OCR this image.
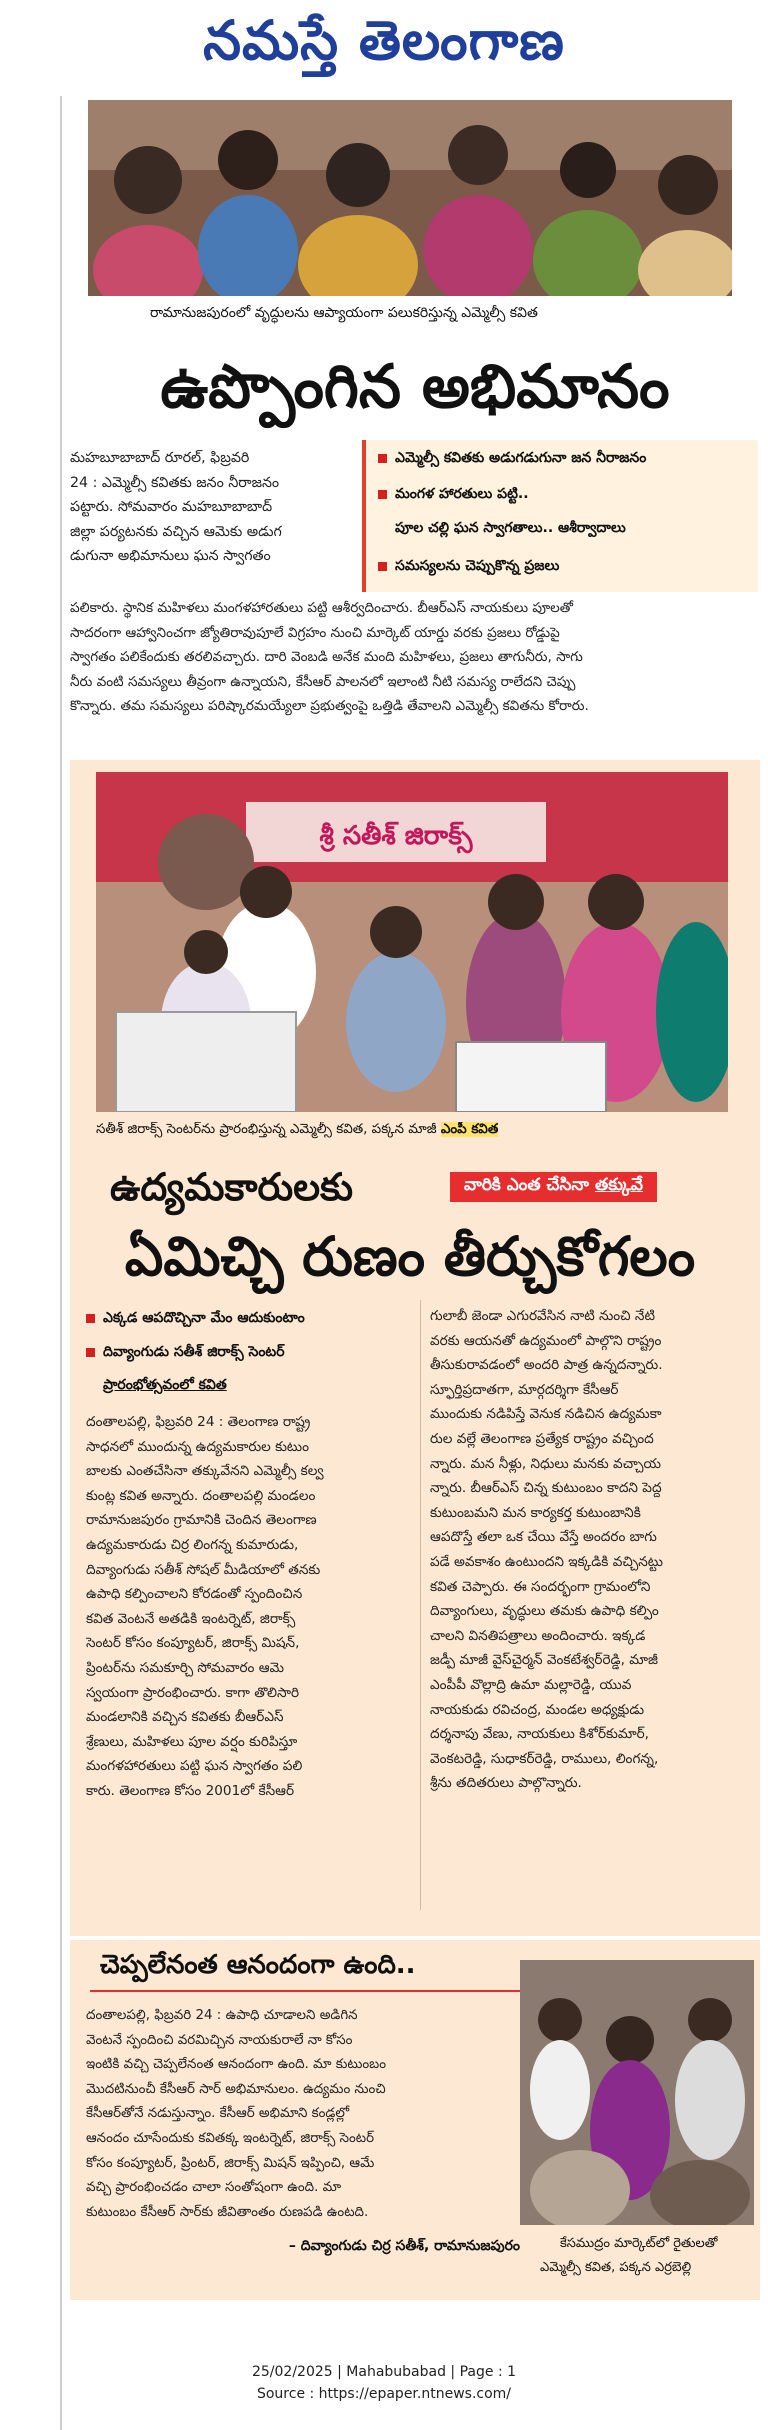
నమస్తే తెలంగాణ
రామానుజపురంలో వృద్ధులను ఆప్యాయంగా పలుకరిస్తున్న ఎమ్మెల్సీ కవిత
ఉప్పొంగిన అభిమానం
ఎమ్మెల్సీ కవితకు అడుగడుగునా జన నీరాజనం
మంగళ హారతులు పట్టి..
పూల చల్లి ఘన స్వాగతాలు.. ఆశీర్వాదాలు
సమస్యలను చెప్పుకొన్న ప్రజలు

మహబూబాబాద్ రూరల్, ఫిబ్రవరి

24 : ఎమ్మెల్సీ కవితకు జనం నీరాజనం

పట్టారు. సోమవారం మహబూబాబాద్

జిల్లా పర్యటనకు వచ్చిన ఆమెకు అడుగ

డుగునా అభిమానులు ఘన స్వాగతం

పలికారు. స్థానిక మహిళలు మంగళహారతులు పట్టి ఆశీర్వదించారు. బీఆర్ఎస్ నాయకులు పూలతో

సాదరంగా ఆహ్వానించగా జ్యోతిరావుపూలే విగ్రహం నుంచి మార్కెట్ యార్డు వరకు ప్రజలు రోడ్డుపై

స్వాగతం పలికేందుకు తరలివచ్చారు. దారి వెంబడి అనేక మంది మహిళలు, ప్రజలు తాగునీరు, సాగు

నీరు వంటి సమస్యలు తీవ్రంగా ఉన్నాయని, కేసీఆర్ పాలనలో ఇలాంటి నీటి సమస్య రాలేదని చెప్పు

కొన్నారు. తమ సమస్యలు పరిష్కారమయ్యేలా ప్రభుత్వంపై ఒత్తిడి తేవాలని ఎమ్మెల్సీ కవితను కోరారు.

శ్రీ సతీశ్ జిరాక్స్
సతీశ్ జిరాక్స్ సెంటర్‌ను ప్రారంభిస్తున్న ఎమ్మెల్సీ కవిత, పక్కన మాజీ ఎంపీ కవిత
ఉద్యమకారులకు	వారికి ఎంత చేసినా తక్కువే
ఏమిచ్చి రుణం తీర్చుకోగలం
ఎక్కడ ఆపదొచ్చినా మేం ఆదుకుంటాం
దివ్యాంగుడు సతీశ్ జిరాక్స్ సెంటర్
ప్రారంభోత్సవంలో కవిత

దంతాలపల్లి, ఫిబ్రవరి 24 : తెలంగాణ రాష్ట్ర

సాధనలో ముందున్న ఉద్యమకారుల కుటుం

బాలకు ఎంతచేసినా తక్కువేనని ఎమ్మెల్సీ కల్వ

కుంట్ల కవిత అన్నారు. దంతాలపల్లి మండలం

రామానుజపురం గ్రామానికి చెందిన తెలంగాణ

ఉద్యమకారుడు చిర్ర లింగన్న కుమారుడు,

దివ్యాంగుడు సతీశ్ సోషల్ మీడియాలో తనకు

ఉపాధి కల్పించాలని కోరడంతో స్పందించిన

కవిత వెంటనే అతడికి ఇంటర్నెట్, జిరాక్స్

సెంటర్ కోసం కంప్యూటర్, జిరాక్స్ మిషన్,

ప్రింటర్‌ను సమకూర్చి సోమవారం ఆమె

స్వయంగా ప్రారంభించారు. కాగా తొలిసారి

మండలానికి వచ్చిన కవితకు బీఆర్ఎస్

శ్రేణులు, మహిళలు పూల వర్షం కురిపిస్తూ

మంగళహారతులు పట్టి ఘన స్వాగతం పలి

కారు. తెలంగాణ కోసం 2001లో కేసీఆర్

గులాబీ జెండా ఎగురవేసిన నాటి నుంచి నేటి

వరకు ఆయనతో ఉద్యమంలో పాల్గొని రాష్ట్రం

తీసుకురావడంలో అందరి పాత్ర ఉన్నదన్నారు.

స్ఫూర్తిప్రదాతగా, మార్గదర్శిగా కేసీఆర్

ముందుకు నడిపిస్తే వెనుక నడిచిన ఉద్యమకా

రుల వల్లే తెలంగాణ ప్రత్యేక రాష్ట్రం వచ్చింద

న్నారు. మన నీళ్లు, నిధులు మనకు వచ్చాయ

న్నారు. బీఆర్ఎస్ చిన్న కుటుంబం కాదని పెద్ద

కుటుంబమని మన కార్యకర్త కుటుంబానికి

ఆపదొస్తే తలా ఒక చేయి వేస్తే అందరం బాగు

పడే అవకాశం ఉంటుందని ఇక్కడికి వచ్చినట్టు

కవిత చెప్పారు. ఈ సందర్భంగా గ్రామంలోని

దివ్యాంగులు, వృద్ధులు తమకు ఉపాధి కల్పిం

చాలని వినతిపత్రాలు అందించారు. ఇక్కడ

జడ్పీ మాజీ వైస్‌చైర్మన్ వెంకటేశ్వర్‌రెడ్డి, మాజీ

ఎంపీపీ వొల్లాద్రి ఉమా మల్లారెడ్డి, యువ

నాయకుడు రవిచంద్ర, మండల అధ్యక్షుడు

దర్శనాపు వేణు, నాయకులు కిశోర్‌కుమార్,

వెంకటరెడ్డి, సుధాకర్‌రెడ్డి, రాములు, లింగన్న,

శ్రీను తదితరులు పాల్గొన్నారు.

చెప్పలేనంత ఆనందంగా ఉంది..

దంతాలపల్లి, ఫిబ్రవరి 24 : ఉపాధి చూడాలని అడిగిన

వెంటనే స్పందించి వరమిచ్చిన నాయకురాలే నా కోసం

ఇంటికి వచ్చి చెప్పలేనంత ఆనందంగా ఉంది. మా కుటుంబం

మొదటినుంచీ కేసీఆర్ సార్ అభిమానులం. ఉద్యమం నుంచి

కేసీఆర్‌తోనే నడుస్తున్నాం. కేసీఆర్ అభిమాని కండ్లల్లో

ఆనందం చూసేందుకు కవితక్క ఇంటర్నెట్, జిరాక్స్ సెంటర్

కోసం కంప్యూటర్, ప్రింటర్, జిరాక్స్ మిషన్ ఇప్పించి, ఆమే

వచ్చి ప్రారంభించడం చాలా సంతోషంగా ఉంది. మా

కుటుంబం కేసీఆర్ సార్‌కు జీవితాంతం రుణపడి ఉంటది.

– దివ్యాంగుడు చిర్ర సతీశ్, రామానుజపురం	కేసముద్రం మార్కెట్‌లో రైతులతో
ఎమ్మెల్సీ కవిత, పక్కన ఎర్రబెల్లి
25/02/2025 | Mahabubabad | Page : 1
Source : https://epaper.ntnews.com/
